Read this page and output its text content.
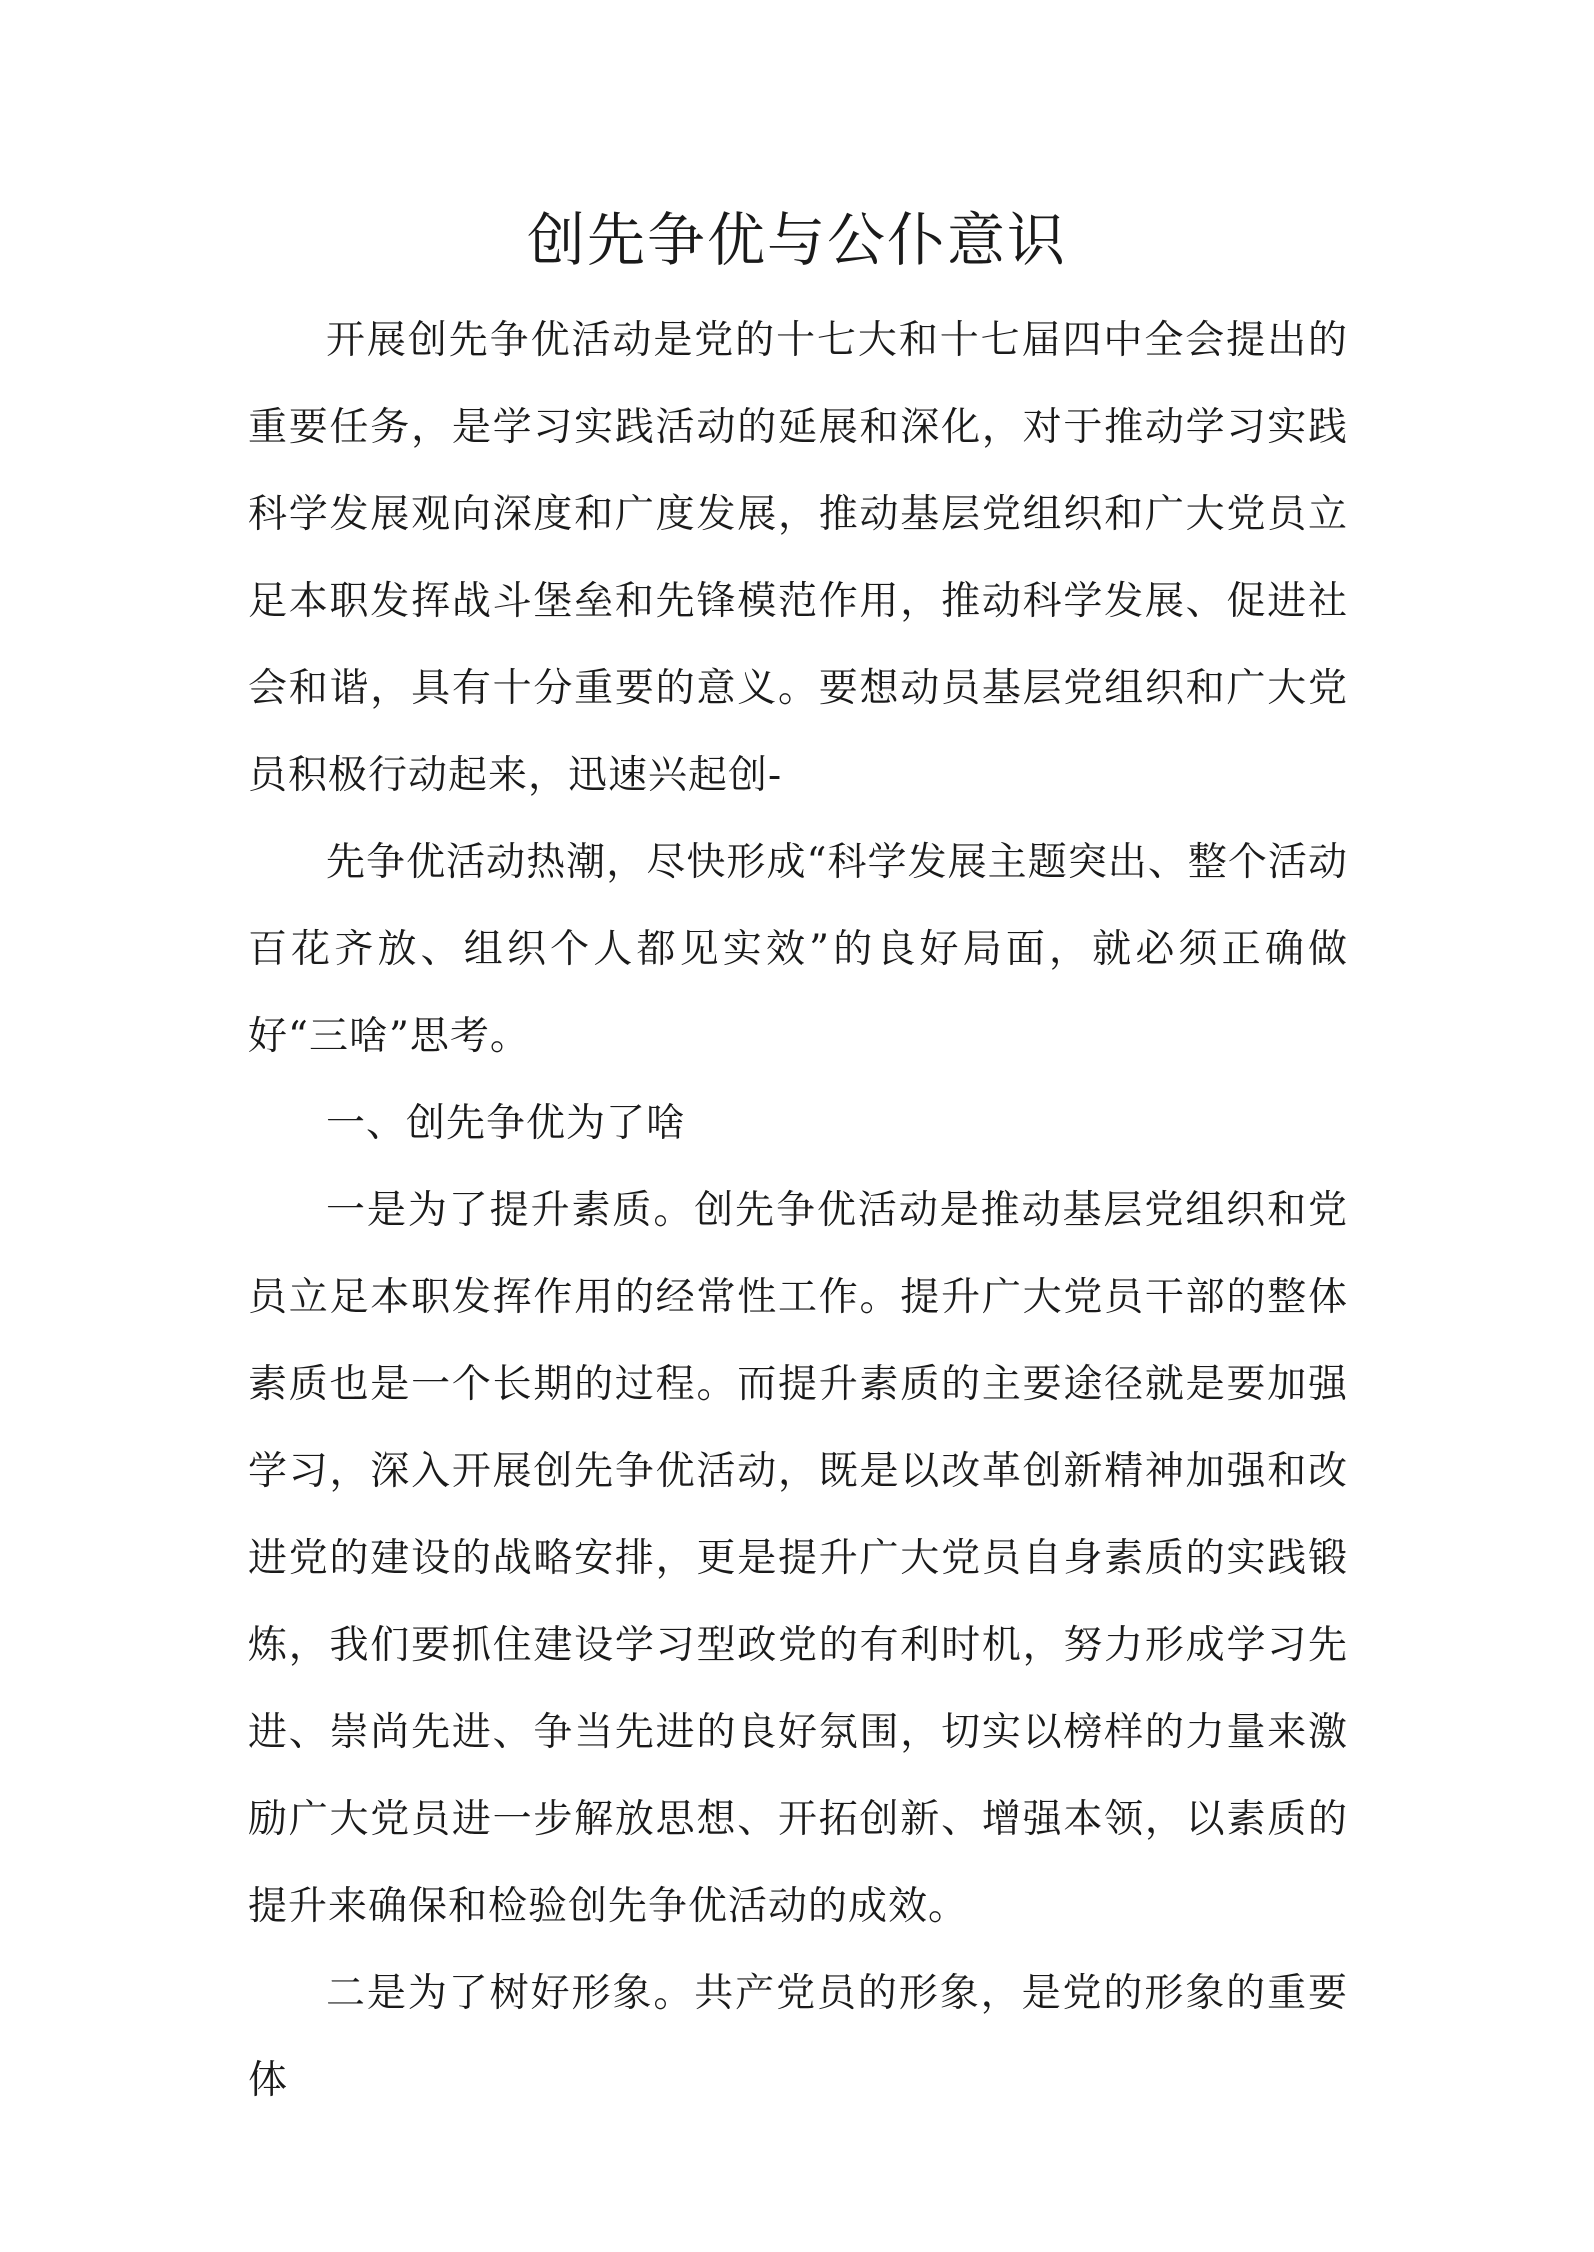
创先争优与公仆意识

开展创先争优活动是党的十七大和十七届四中全会提出的重要任务，是学习实践活动的延展和深化，对于推动学习实践科学发展观向深度和广度发展，推动基层党组织和广大党员立足本职发挥战斗堡垒和先锋模范作用，推动科学发展、促进社会和谐，具有十分重要的意义。要想动员基层党组织和广大党员积极行动起来，迅速兴起创-

先争优活动热潮，尽快形成“科学发展主题突出、整个活动百花齐放、组织个人都见实效”的良好局面，就必须正确做好“三啥”思考。

一、创先争优为了啥

一是为了提升素质。创先争优活动是推动基层党组织和党员立足本职发挥作用的经常性工作。提升广大党员干部的整体素质也是一个长期的过程。而提升素质的主要途径就是要加强学习，深入开展创先争优活动，既是以改革创新精神加强和改进党的建设的战略安排，更是提升广大党员自身素质的实践锻炼，我们要抓住建设学习型政党的有利时机，努力形成学习先进、崇尚先进、争当先进的良好氛围，切实以榜样的力量来激励广大党员进一步解放思想、开拓创新、增强本领，以素质的提升来确保和检验创先争优活动的成效。

二是为了树好形象。共产党员的形象，是党的形象的重要体
